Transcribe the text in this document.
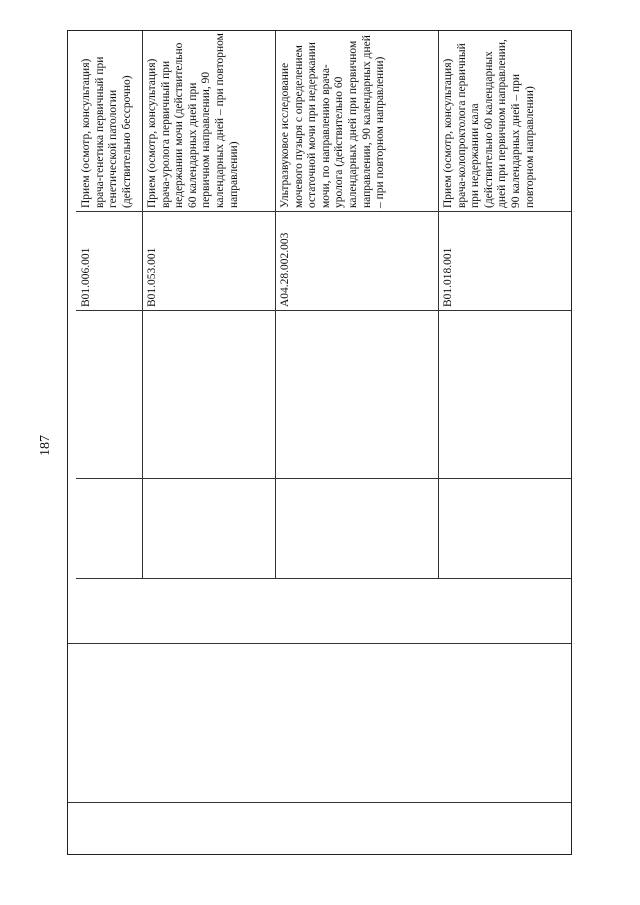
187
B01.006.001
Прием (осмотр, консультация) врача-генетика первичный при генетической патологии (действительно бессрочно)
B01.053.001
Прием (осмотр, консультация) врача-уролога первичный при недержании мочи (действительно 60 календарных дней при первичном направлении, 90 календарных дней – при повторном направлении)
A04.28.002.003
Ультразвуковое исследование мочевого пузыря с определением остаточной мочи при недержании мочи, по направлению врача-уролога (действительно 60 календарных дней при первичном направлении, 90 календарных дней – при повторном направлении)
B01.018.001
Прием (осмотр, консультация) врача-колопроктолога первичный при недержании кала (действительно 60 календарных дней при первичном направлении, 90 календарных дней – при повторном направлении)
